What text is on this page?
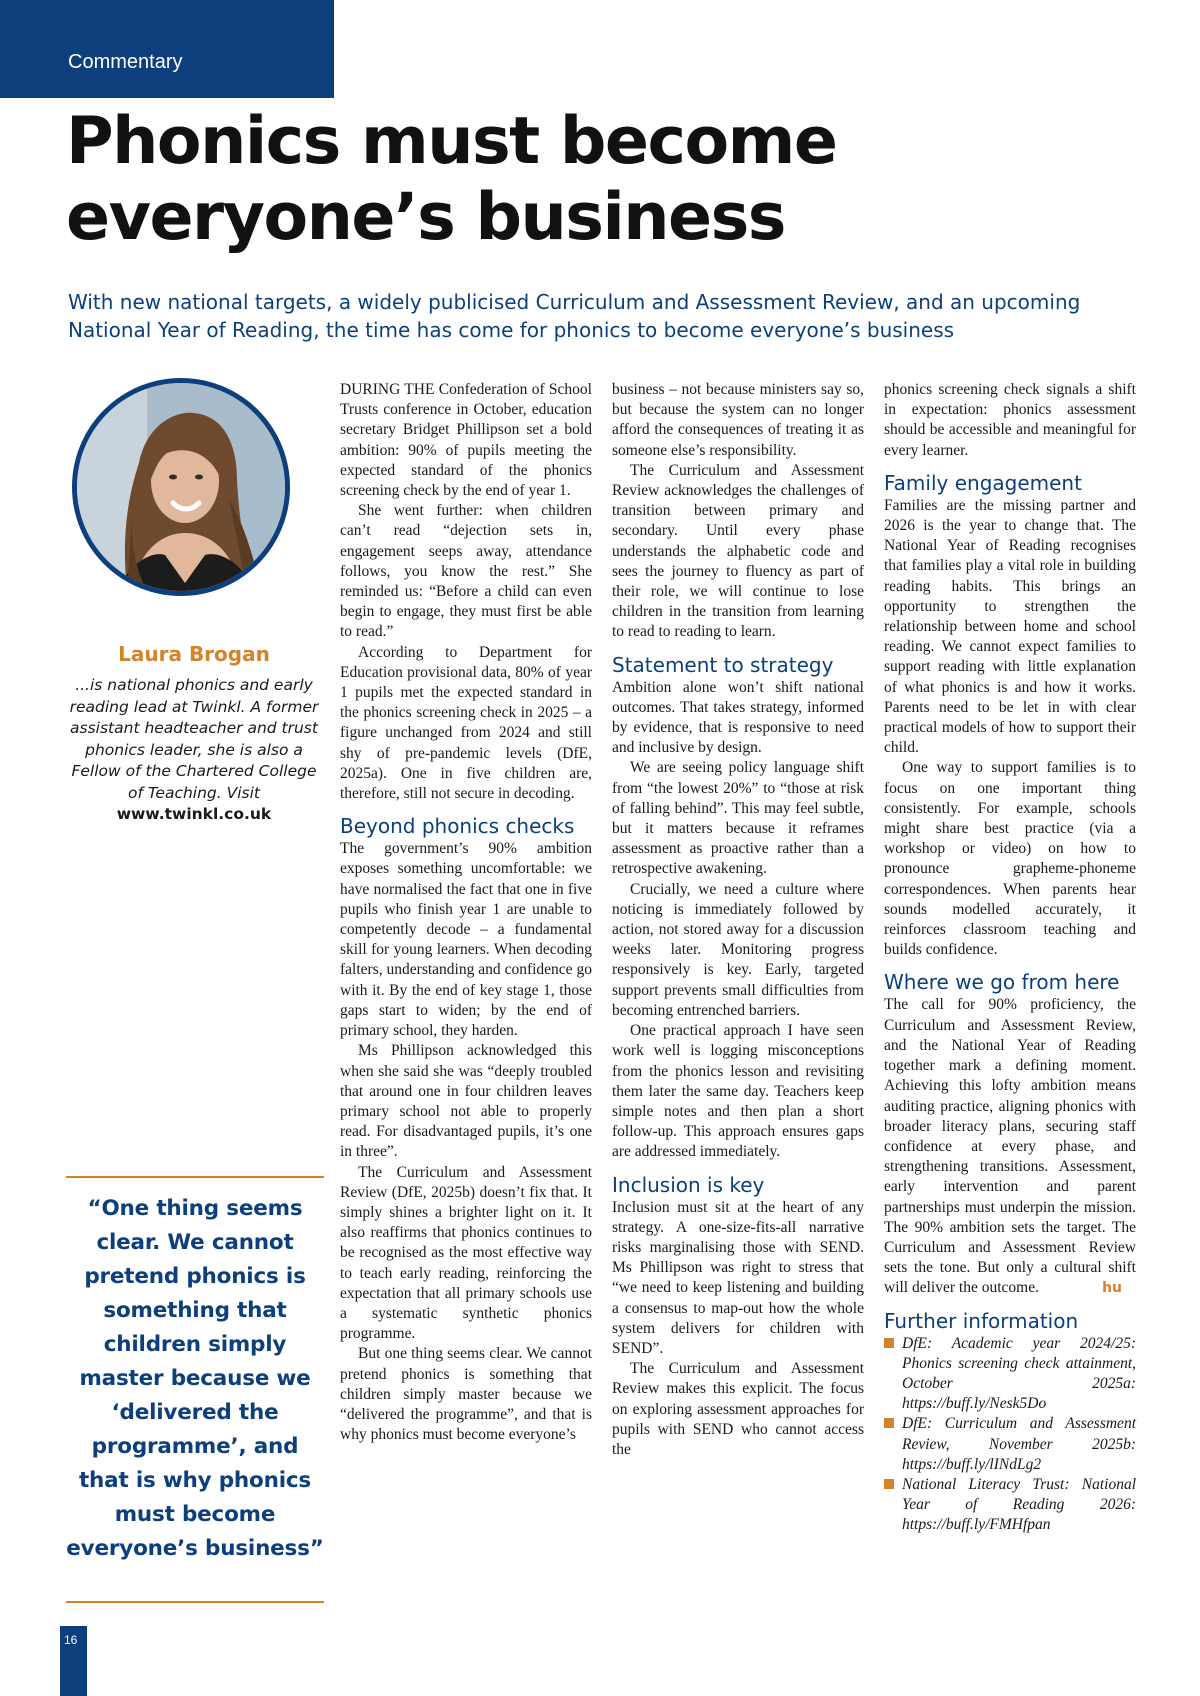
Commentary
Phonics must become everyone’s business

With new national targets, a widely publicised Curriculum and Assessment Review, and an upcoming National Year of Reading, the time has come for phonics to become everyone’s business

Laura Brogan
...is national phonics and early reading lead at Twinkl. A former assistant headteacher and trust phonics leader, she is also a Fellow of the Chartered College of Teaching. Visit
www.twinkl.co.uk
“One thing seems clear. We cannot pretend phonics is something that children simply master because we ‘delivered the programme’, and that is why phonics must become everyone’s business”

DURING THE Confederation of School Trusts conference in October, education secretary Bridget Phillipson set a bold ambition: 90% of pupils meeting the expected standard of the phonics screening check by the end of year 1.

She went further: when children can’t read “dejection sets in, engagement seeps away, attendance follows, you know the rest.” She reminded us: “Before a child can even begin to engage, they must first be able to read.”

According to Department for Education provisional data, 80% of year 1 pupils met the expected standard in the phonics screening check in 2025 – a figure unchanged from 2024 and still shy of pre-pandemic levels (DfE, 2025a). One in five children are, therefore, still not secure in decoding.

Beyond phonics checks

The government’s 90% ambition exposes something uncomfortable: we have normalised the fact that one in five pupils who finish year 1 are unable to competently decode – a fundamental skill for young learners. When decoding falters, understanding and confidence go with it. By the end of key stage 1, those gaps start to widen; by the end of primary school, they harden.

Ms Phillipson acknowledged this when she said she was “deeply troubled that around one in four children leaves primary school not able to properly read. For disadvantaged pupils, it’s one in three”.

The Curriculum and Assessment Review (DfE, 2025b) doesn’t fix that. It simply shines a brighter light on it. It also reaffirms that phonics continues to be recognised as the most effective way to teach early reading, reinforcing the expectation that all primary schools use a systematic synthetic phonics programme.

But one thing seems clear. We cannot pretend phonics is something that children simply master because we “delivered the programme”, and that is why phonics must become everyone’s

business – not because ministers say so, but because the system can no longer afford the consequences of treating it as someone else’s responsibility.

The Curriculum and Assessment Review acknowledges the challenges of transition between primary and secondary. Until every phase understands the alphabetic code and sees the journey to fluency as part of their role, we will continue to lose children in the transition from learning to read to reading to learn.

Statement to strategy

Ambition alone won’t shift national outcomes. That takes strategy, informed by evidence, that is responsive to need and inclusive by design.

We are seeing policy language shift from “the lowest 20%” to “those at risk of falling behind”. This may feel subtle, but it matters because it reframes assessment as proactive rather than a retrospective awakening.

Crucially, we need a culture where noticing is immediately followed by action, not stored away for a discussion weeks later. Monitoring progress responsively is key. Early, targeted support prevents small difficulties from becoming entrenched barriers.

One practical approach I have seen work well is logging misconceptions from the phonics lesson and revisiting them later the same day. Teachers keep simple notes and then plan a short follow-up. This approach ensures gaps are addressed immediately.

Inclusion is key

Inclusion must sit at the heart of any strategy. A one-size-fits-all narrative risks marginalising those with SEND. Ms Phillipson was right to stress that “we need to keep listening and building a consensus to map-out how the whole system delivers for children with SEND”.

The Curriculum and Assessment Review makes this explicit. The focus on exploring assessment approaches for pupils with SEND who cannot access the

phonics screening check signals a shift in expectation: phonics assessment should be accessible and meaningful for every learner.

Family engagement

Families are the missing partner and 2026 is the year to change that. The National Year of Reading recognises that families play a vital role in building reading habits. This brings an opportunity to strengthen the relationship between home and school reading. We cannot expect families to support reading with little explanation of what phonics is and how it works. Parents need to be let in with clear practical models of how to support their child.

One way to support families is to focus on one important thing consistently. For example, schools might share best practice (via a workshop or video) on how to pronounce grapheme-phoneme correspondences. When parents hear sounds modelled accurately, it reinforces classroom teaching and builds confidence.

Where we go from here

The call for 90% proficiency, the Curriculum and Assessment Review, and the National Year of Reading together mark a defining moment. Achieving this lofty ambition means auditing practice, aligning phonics with broader literacy plans, securing staff confidence at every phase, and strengthening transitions. Assessment, early intervention and parent partnerships must underpin the mission. The 90% ambition sets the target. The Curriculum and Assessment Review sets the tone. But only a cultural shift will deliver the outcome.	hu

Further information
DfE: Academic year 2024/25: Phonics screening check attainment, October 2025a: https://buff.ly/Nesk5Do
DfE: Curriculum and Assessment Review, November 2025b: https://buff.ly/lINdLg2
National Literacy Trust: National Year of Reading 2026: https://buff.ly/FMHfpan
16
